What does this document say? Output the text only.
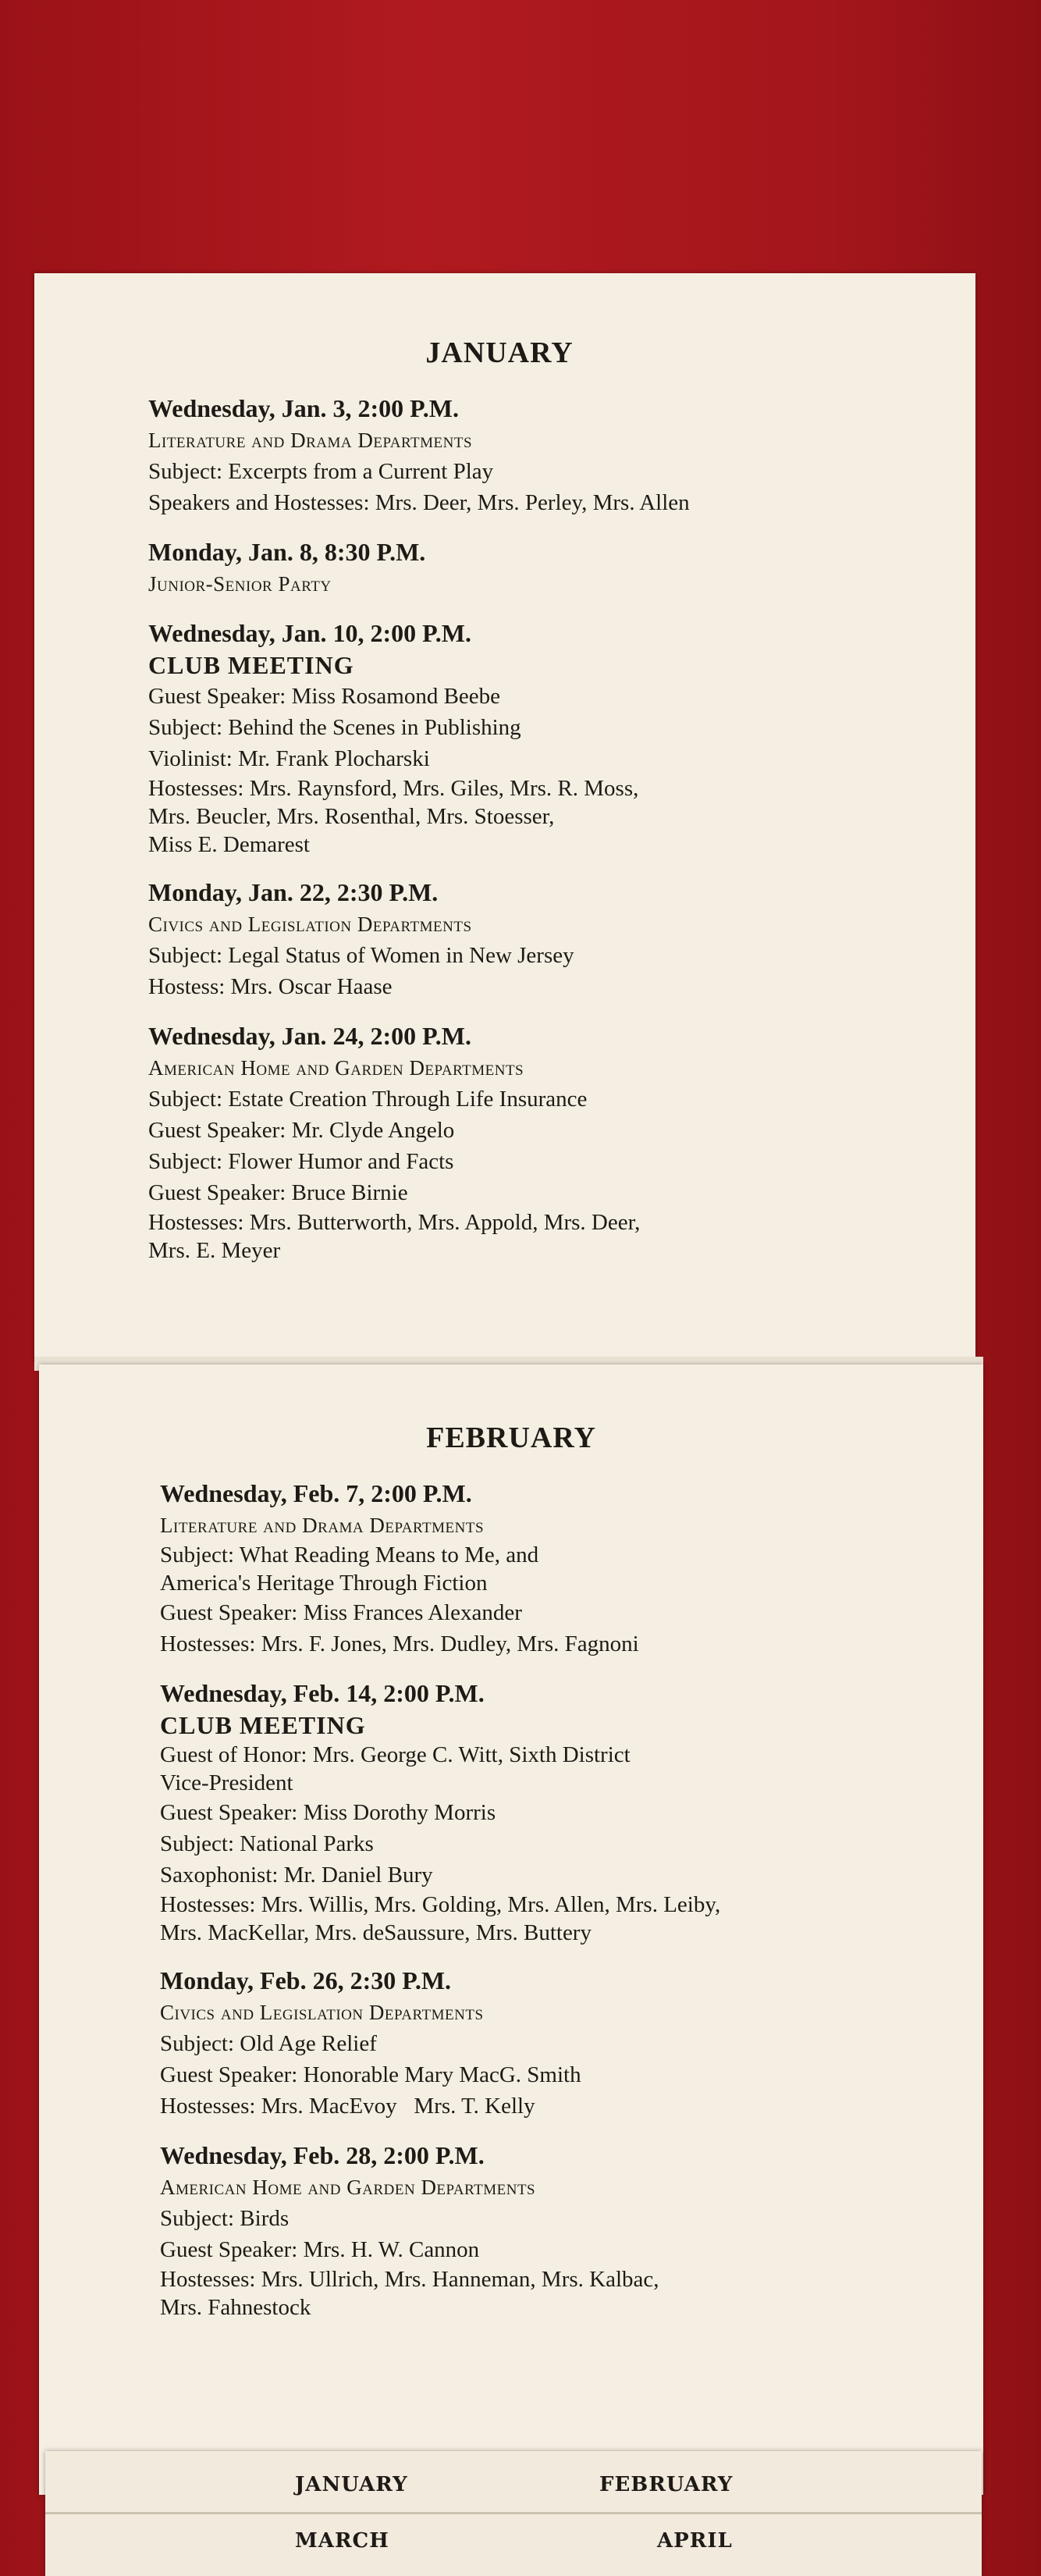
JANUARY
Wednesday, Jan. 3, 2:00 P.M.
Literature and Drama Departments
Subject: Excerpts from a Current Play
Speakers and Hostesses: Mrs. Deer, Mrs. Perley, Mrs. Allen
Monday, Jan. 8, 8:30 P.M.
Junior-Senior Party
Wednesday, Jan. 10, 2:00 P.M.
CLUB MEETING
Guest Speaker: Miss Rosamond Beebe
Subject: Behind the Scenes in Publishing
Violinist: Mr. Frank Plocharski
Hostesses: Mrs. Raynsford, Mrs. Giles, Mrs. R. Moss,
Mrs. Beucler, Mrs. Rosenthal, Mrs. Stoesser,
Miss E. Demarest
Monday, Jan. 22, 2:30 P.M.
Civics and Legislation Departments
Subject: Legal Status of Women in New Jersey
Hostess: Mrs. Oscar Haase
Wednesday, Jan. 24, 2:00 P.M.
American Home and Garden Departments
Subject: Estate Creation Through Life Insurance
Guest Speaker: Mr. Clyde Angelo
Subject: Flower Humor and Facts
Guest Speaker: Bruce Birnie
Hostesses: Mrs. Butterworth, Mrs. Appold, Mrs. Deer,
Mrs. E. Meyer
FEBRUARY
Wednesday, Feb. 7, 2:00 P.M.
Literature and Drama Departments
Subject: What Reading Means to Me, and
America's Heritage Through Fiction
Guest Speaker: Miss Frances Alexander
Hostesses: Mrs. F. Jones, Mrs. Dudley, Mrs. Fagnoni
Wednesday, Feb. 14, 2:00 P.M.
CLUB MEETING
Guest of Honor: Mrs. George C. Witt, Sixth District
Vice-President
Guest Speaker: Miss Dorothy Morris
Subject: National Parks
Saxophonist: Mr. Daniel Bury
Hostesses: Mrs. Willis, Mrs. Golding, Mrs. Allen, Mrs. Leiby,
Mrs. MacKellar, Mrs. deSaussure, Mrs. Buttery
Monday, Feb. 26, 2:30 P.M.
Civics and Legislation Departments
Subject: Old Age Relief
Guest Speaker: Honorable Mary MacG. Smith
Hostesses: Mrs. MacEvoy   Mrs. T. Kelly
Wednesday, Feb. 28, 2:00 P.M.
American Home and Garden Departments
Subject: Birds
Guest Speaker: Mrs. H. W. Cannon
Hostesses: Mrs. Ullrich, Mrs. Hanneman, Mrs. Kalbac,
Mrs. Fahnestock
JANUARY	FEBRUARY
MARCH	APRIL
